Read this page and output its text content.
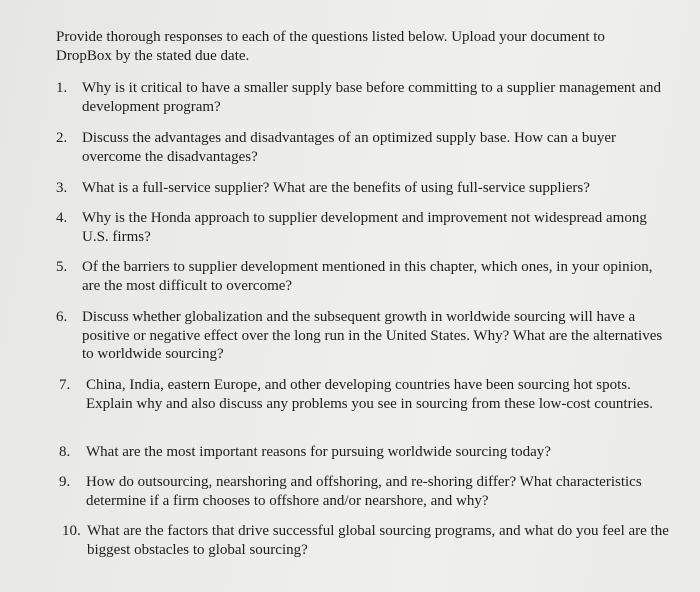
Provide thorough responses to each of the questions listed below. Upload your document to
DropBox by the stated due date.

1. Why is it critical to have a smaller supply base before committing to a supplier management and development program?
2. Discuss the advantages and disadvantages of an optimized supply base. How can a buyer overcome the disadvantages?
3. What is a full-service supplier? What are the benefits of using full-service suppliers?
4. Why is the Honda approach to supplier development and improvement not widespread among U.S. firms?
5. Of the barriers to supplier development mentioned in this chapter, which ones, in your opinion, are the most difficult to overcome?
6. Discuss whether globalization and the subsequent growth in worldwide sourcing will have a positive or negative effect over the long run in the United States. Why? What are the alternatives to worldwide sourcing?
7.	China, India, eastern Europe, and other developing countries have been sourcing hot spots. Explain why and also discuss any problems you see in sourcing from these low-cost countries.
8.	What are the most important reasons for pursuing worldwide sourcing today?
9.	How do outsourcing, nearshoring and offshoring, and re-shoring differ? What characteristics determine if a firm chooses to offshore and/or nearshore, and why?
10. What are the factors that drive successful global sourcing programs, and what do you feel are the biggest obstacles to global sourcing?
